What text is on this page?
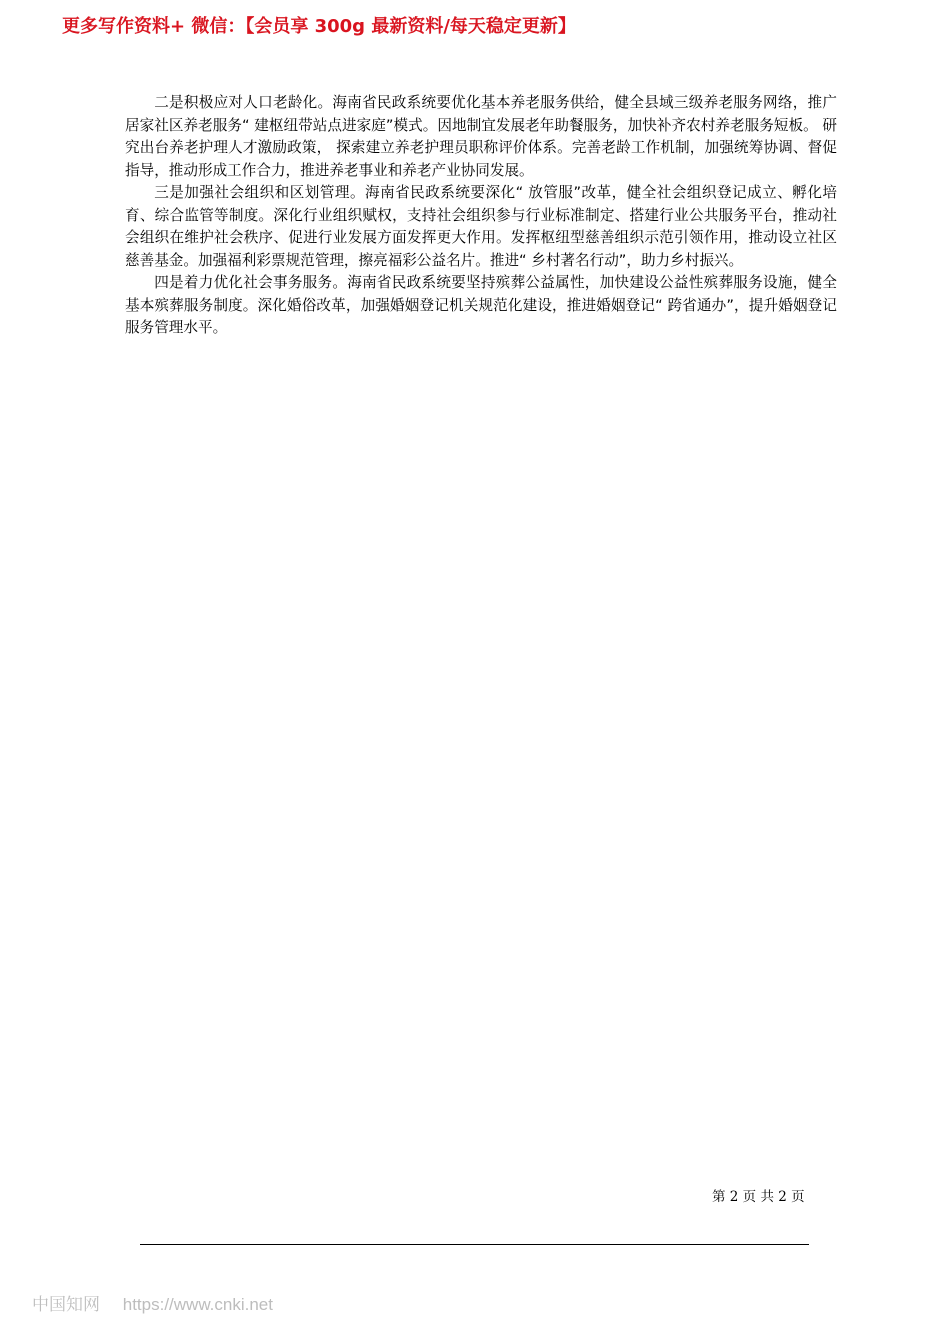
更多写作资料+ 微信：【会员享 300g 最新资料/每天稳定更新】

二是积极应对人口老龄化。海南省民政系统要优化基本养老服务供给，健全县域三级养老服务网络，推广居家社区养老服务“ 建枢纽带站点进家庭”模式。因地制宜发展老年助餐服务，加快补齐农村养老服务短板。 研究出台养老护理人才激励政策， 探索建立养老护理员职称评价体系。完善老龄工作机制，加强统筹协调、督促指导，推动形成工作合力，推进养老事业和养老产业协同发展。

三是加强社会组织和区划管理。海南省民政系统要深化“ 放管服”改革，健全社会组织登记成立、孵化培育、综合监管等制度。深化行业组织赋权，支持社会组织参与行业标准制定、搭建行业公共服务平台，推动社会组织在维护社会秩序、促进行业发展方面发挥更大作用。发挥枢纽型慈善组织示范引领作用，推动设立社区慈善基金。加强福利彩票规范管理，擦亮福彩公益名片。推进“ 乡村著名行动”，助力乡村振兴。

四是着力优化社会事务服务。海南省民政系统要坚持殡葬公益属性，加快建设公益性殡葬服务设施，健全基本殡葬服务制度。深化婚俗改革，加强婚姻登记机关规范化建设，推进婚姻登记“ 跨省通办”，提升婚姻登记服务管理水平。

第 2 页 共 2 页
中国知网 https://www.cnki.net
